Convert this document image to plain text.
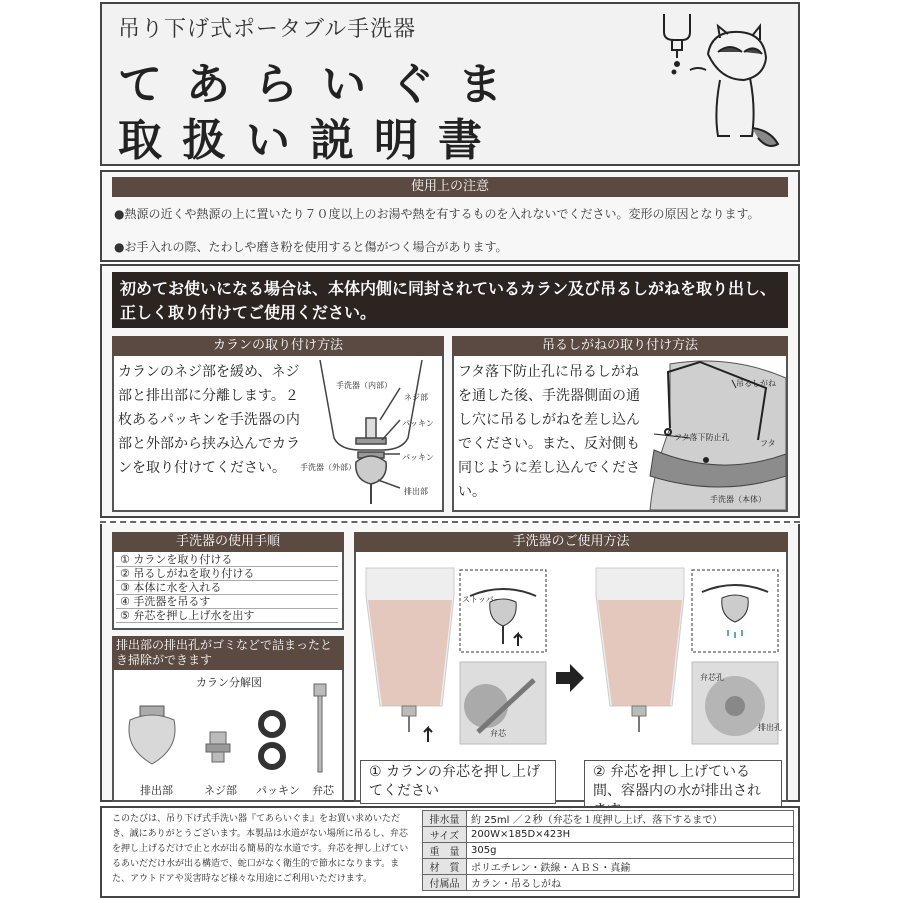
吊り下げ式ポータブル手洗器
てあらいぐま
取扱い説明書
使用上の注意
●熱源の近くや熱源の上に置いたり７０度以上のお湯や熱を有するものを入れないでください。変形の原因となります。
●お手入れの際、たわしや磨き粉を使用すると傷がつく場合があります。
初めてお使いになる場合は、本体内側に同封されているカラン及び吊るしがねを取り出し、正しく取り付けてご使用ください。
カランの取り付け方法
カランのネジ部を緩め、ネジ部と排出部に分離します。２枚あるパッキンを手洗器の内部と外部から挟み込んでカランを取り付けてください。
手洗器（内部）
ネジ部
パッキン
パッキン
手洗器（外部）
排出部
吊るしがねの取り付け方法
フタ落下防止孔に吊るしがねを通した後、手洗器側面の通し穴に吊るしがねを差し込んでください。また、反対側も同じように差し込んでください。
吊るしがね
フタ落下防止孔
フタ
手洗器（本体）
手洗器の使用手順
① カランを取り付ける
② 吊るしがねを取り付ける
③ 本体に水を入れる
④ 手洗器を吊るす
⑤ 弁芯を押し上げ水を出す
排出部の排出孔がゴミなどで詰まったとき掃除ができます
カラン分解図
排出部	ネジ部 パッキン 弁芯
手洗器のご使用方法
ストッパー
弁芯
弁芯孔
排出孔
① カランの弁芯を押し上げてください
② 弁芯を押し上げている間、容器内の水が排出され
このたびは、吊り下げ式手洗い器『てあらいぐま』をお買い求めいただき、誠にありがとうございます。本製品は水道がない場所に吊るし、弁芯を押し上げるだけで止と水が出る簡易的な水道です。弁芯を押し上げているあいだだけ水が出る構造で、蛇口がなく衛生的で節水になります。また、アウトドアや災害時など様々な用途にご利用いただけます。
排水量	約 25ml ／２秒（弁芯を１度押し上げ、落下するまで）
サイズ	200W×185D×423H
重　量	305g
材　質	ポリエチレン・鉄線・ＡＢＳ・真鍮
付属品	カラン・吊るしがね
